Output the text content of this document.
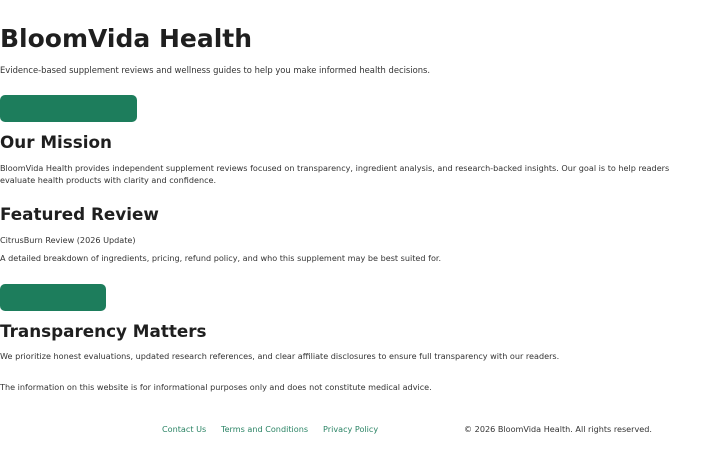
BloomVida Health
Evidence-based supplement reviews and wellness guides to help you make informed health decisions.
Our Mission
BloomVida Health provides independent supplement reviews focused on transparency, ingredient analysis, and research-backed insights. Our goal is to help readers evaluate health products with clarity and confidence.
Featured Review
CitrusBurn Review (2026 Update)
A detailed breakdown of ingredients, pricing, refund policy, and who this supplement may be best suited for.
Transparency Matters
We prioritize honest evaluations, updated research references, and clear affiliate disclosures to ensure full transparency with our readers.
The information on this website is for informational purposes only and does not constitute medical advice.
Contact Us Terms and Conditions Privacy Policy	© 2026 BloomVida Health. All rights reserved.
